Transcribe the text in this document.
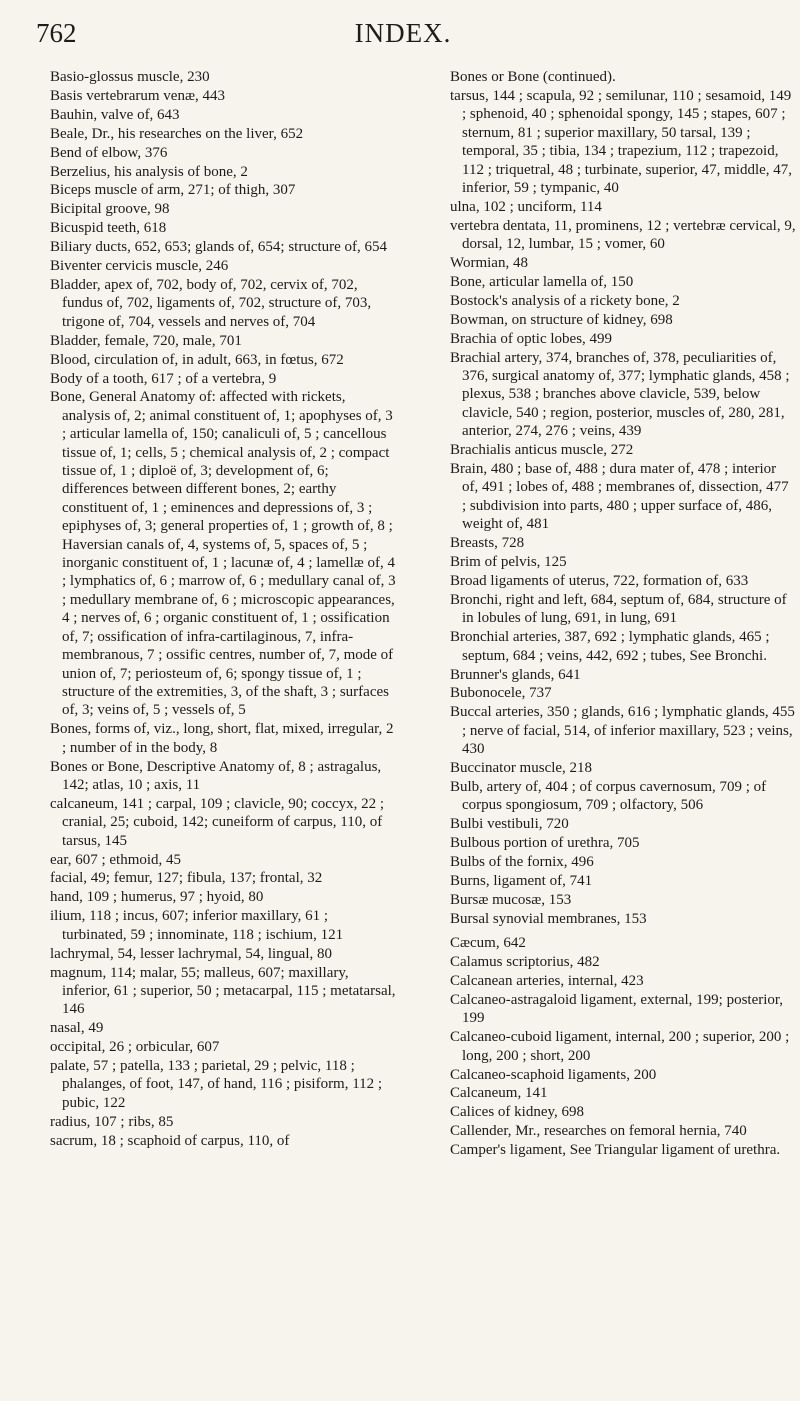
762	INDEX.

Basio-glossus muscle, 230

Basis vertebrarum venæ, 443

Bauhin, valve of, 643

Beale, Dr., his researches on the liver, 652

Bend of elbow, 376

Berzelius, his analysis of bone, 2

Biceps muscle of arm, 271; of thigh, 307

Bicipital groove, 98

Bicuspid teeth, 618

Biliary ducts, 652, 653; glands of, 654; structure of, 654

Biventer cervicis muscle, 246

Bladder, apex of, 702, body of, 702, cervix of, 702, fundus of, 702, ligaments of, 702, structure of, 703, trigone of, 704, vessels and nerves of, 704

Bladder, female, 720, male, 701

Blood, circulation of, in adult, 663, in fœtus, 672

Body of a tooth, 617 ; of a vertebra, 9

Bone, General Anatomy of: affected with rickets, analysis of, 2; animal constituent of, 1; apophyses of, 3 ; articular lamella of, 150; canaliculi of, 5 ; cancellous tissue of, 1; cells, 5 ; chemical analysis of, 2 ; compact tissue of, 1 ; diploë of, 3; development of, 6; differences between different bones, 2; earthy constituent of, 1 ; eminences and depressions of, 3 ; epiphyses of, 3; general properties of, 1 ; growth of, 8 ; Haversian canals of, 4, systems of, 5, spaces of, 5 ; inorganic constituent of, 1 ; lacunæ of, 4 ; lamellæ of, 4 ; lymphatics of, 6 ; marrow of, 6 ; medullary canal of, 3 ; medullary membrane of, 6 ; microscopic appearances, 4 ; nerves of, 6 ; organic constituent of, 1 ; ossification of, 7; ossification of infra-cartilaginous, 7, infra-membranous, 7 ; ossific centres, number of, 7, mode of union of, 7; periosteum of, 6; spongy tissue of, 1 ; structure of the extremities, 3, of the shaft, 3 ; surfaces of, 3; veins of, 5 ; vessels of, 5

Bones, forms of, viz., long, short, flat, mixed, irregular, 2 ; number of in the body, 8

Bones or Bone, Descriptive Anatomy of, 8 ; astragalus, 142; atlas, 10 ; axis, 11

calcaneum, 141 ; carpal, 109 ; clavicle, 90; coccyx, 22 ; cranial, 25; cuboid, 142; cuneiform of carpus, 110, of tarsus, 145

ear, 607 ; ethmoid, 45

facial, 49; femur, 127; fibula, 137; frontal, 32

hand, 109 ; humerus, 97 ; hyoid, 80

ilium, 118 ; incus, 607; inferior maxillary, 61 ; turbinated, 59 ; innominate, 118 ; ischium, 121

lachrymal, 54, lesser lachrymal, 54, lingual, 80

magnum, 114; malar, 55; malleus, 607; maxillary, inferior, 61 ; superior, 50 ; metacarpal, 115 ; metatarsal, 146

nasal, 49

occipital, 26 ; orbicular, 607

palate, 57 ; patella, 133 ; parietal, 29 ; pelvic, 118 ; phalanges, of foot, 147, of hand, 116 ; pisiform, 112 ; pubic, 122

radius, 107 ; ribs, 85

sacrum, 18 ; scaphoid of carpus, 110, of

Bones or Bone (continued).

tarsus, 144 ; scapula, 92 ; semilunar, 110 ; sesamoid, 149 ; sphenoid, 40 ; sphenoidal spongy, 145 ; stapes, 607 ; sternum, 81 ; superior maxillary, 50 tarsal, 139 ; temporal, 35 ; tibia, 134 ; trapezium, 112 ; trapezoid, 112 ; triquetral, 48 ; turbinate, superior, 47, middle, 47, inferior, 59 ; tympanic, 40

ulna, 102 ; unciform, 114

vertebra dentata, 11, prominens, 12 ; vertebræ cervical, 9, dorsal, 12, lumbar, 15 ; vomer, 60

Wormian, 48

Bone, articular lamella of, 150

Bostock's analysis of a rickety bone, 2

Bowman, on structure of kidney, 698

Brachia of optic lobes, 499

Brachial artery, 374, branches of, 378, peculiarities of, 376, surgical anatomy of, 377; lymphatic glands, 458 ; plexus, 538 ; branches above clavicle, 539, below clavicle, 540 ; region, posterior, muscles of, 280, 281, anterior, 274, 276 ; veins, 439

Brachialis anticus muscle, 272

Brain, 480 ; base of, 488 ; dura mater of, 478 ; interior of, 491 ; lobes of, 488 ; membranes of, dissection, 477 ; subdivision into parts, 480 ; upper surface of, 486, weight of, 481

Breasts, 728

Brim of pelvis, 125

Broad ligaments of uterus, 722, formation of, 633

Bronchi, right and left, 684, septum of, 684, structure of in lobules of lung, 691, in lung, 691

Bronchial arteries, 387, 692 ; lymphatic glands, 465 ; septum, 684 ; veins, 442, 692 ; tubes, See Bronchi.

Brunner's glands, 641

Bubonocele, 737

Buccal arteries, 350 ; glands, 616 ; lymphatic glands, 455 ; nerve of facial, 514, of inferior maxillary, 523 ; veins, 430

Buccinator muscle, 218

Bulb, artery of, 404 ; of corpus cavernosum, 709 ; of corpus spongiosum, 709 ; olfactory, 506

Bulbi vestibuli, 720

Bulbous portion of urethra, 705

Bulbs of the fornix, 496

Burns, ligament of, 741

Bursæ mucosæ, 153

Bursal synovial membranes, 153

Cæcum, 642

Calamus scriptorius, 482

Calcanean arteries, internal, 423

Calcaneo-astragaloid ligament, external, 199; posterior, 199

Calcaneo-cuboid ligament, internal, 200 ; superior, 200 ; long, 200 ; short, 200

Calcaneo-scaphoid ligaments, 200

Calcaneum, 141

Calices of kidney, 698

Callender, Mr., researches on femoral hernia, 740

Camper's ligament, See Triangular ligament of urethra.
